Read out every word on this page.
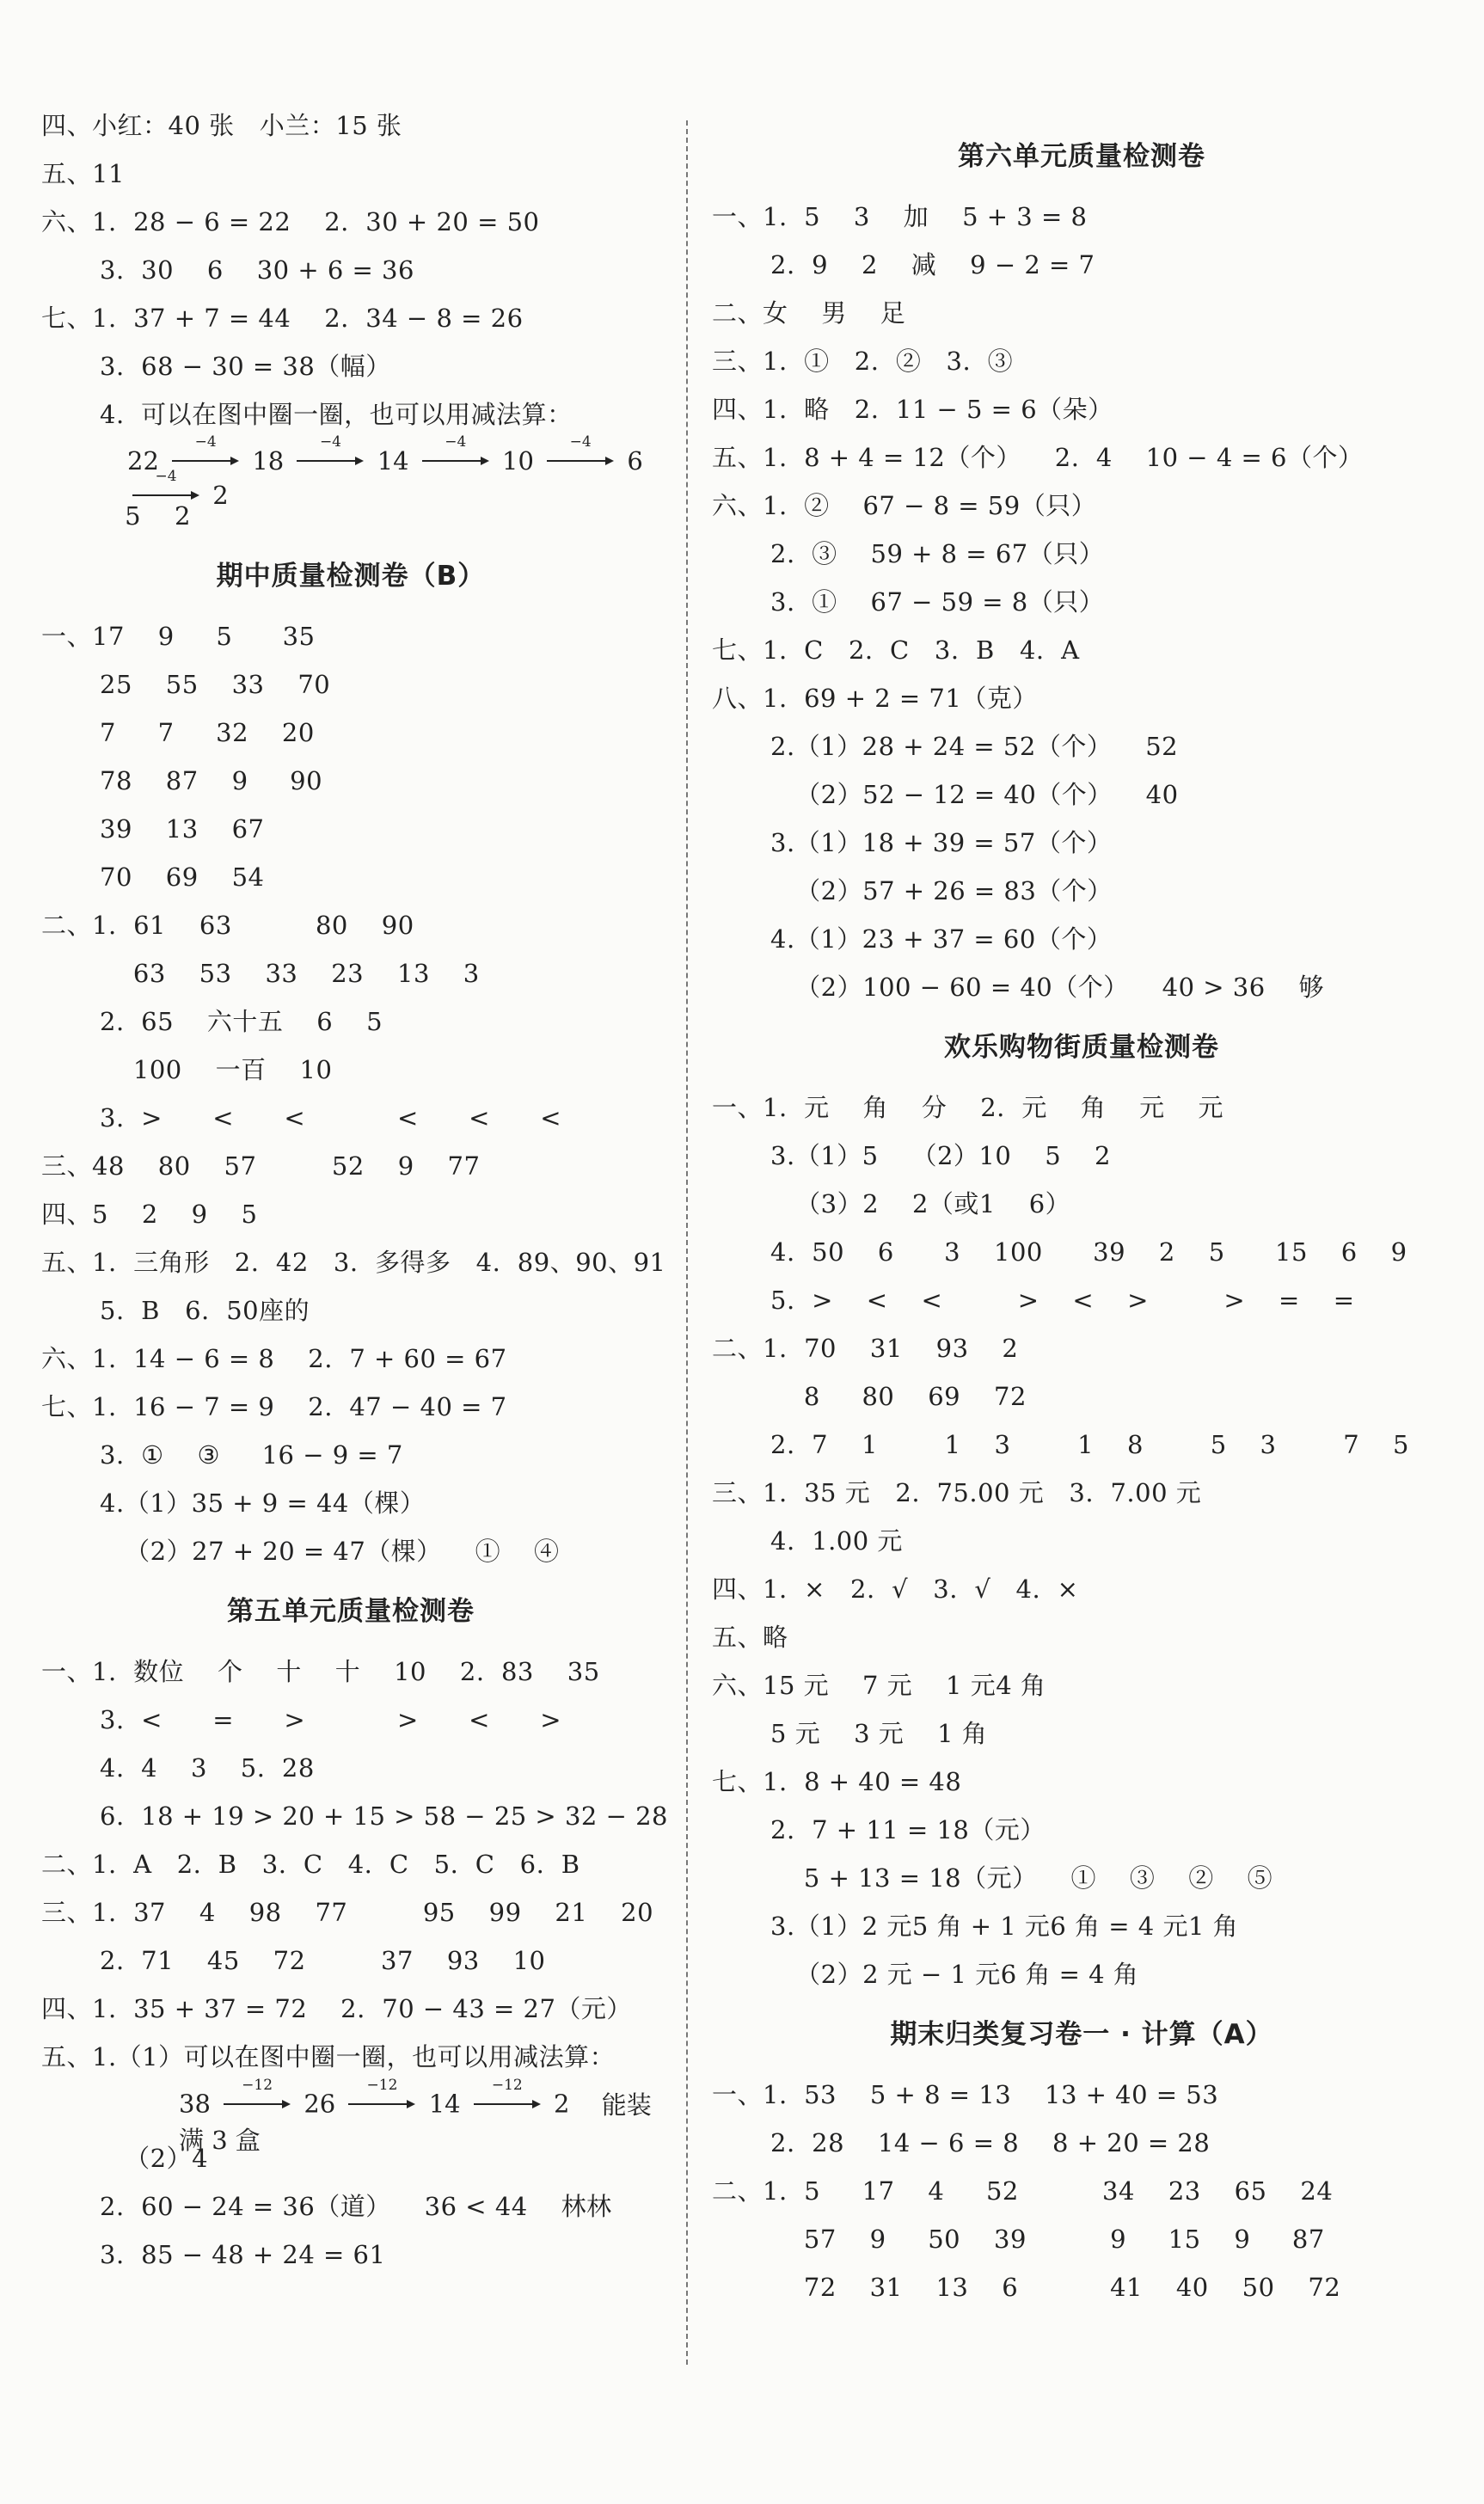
四、小红：40 张   小兰：15 张
五、11
六、1.  28 − 6 = 22    2.  30 + 20 = 50
3.  30    6    30 + 6 = 36
七、1.  37 + 7 = 44    2.  34 − 8 = 26
3.  68 − 30 = 38（幅）
4.  可以在图中圈一圈，也可以用减法算：
22
−4
18
−4
14
−4
10
−4
6
−4
2
5    2
期中质量检测卷（B）
一、17    9     5      35
25    55    33    70
7     7     32    20
78    87    9     90
39    13    67
70    69    54
二、1.  61    63          80    90
63    53    33    23    13    3
2.  65    六十五    6    5
100    一百    10
3.  >      <      <           <      <      <
三、48    80    57         52    9    77
四、5    2    9    5
五、1.  三角形   2.  42   3.  多得多   4.  89、90、91
5.  B   6.  50座的
六、1.  14 − 6 = 8    2.  7 + 60 = 67
七、1.  16 − 7 = 9    2.  47 − 40 = 7
3.  ①    ③     16 − 9 = 7
4.（1）35 + 9 = 44（棵）
（2）27 + 20 = 47（棵）    ①    ④
第五单元质量检测卷
一、1.  数位    个    十    十    10    2.  83    35
3.  <      =      >           >      <      >
4.  4    3    5.  28
6.  18 + 19 > 20 + 15 > 58 − 25 > 32 − 28
二、1.  A   2.  B   3.  C   4.  C   5.  C   6.  B
三、1.  37    4    98    77         95    99    21    20
2.  71    45    72         37    93    10
四、1.  35 + 37 = 72    2.  70 − 43 = 27（元）
五、1.（1）可以在图中圈一圈，也可以用减法算：
38
−12
26
−12
14
−12
2 能装满 3 盒
（2）4
2.  60 − 24 = 36（道）    36 < 44    林林
3.  85 − 48 + 24 = 61
第六单元质量检测卷
一、1.  5    3    加    5 + 3 = 8
2.  9    2    减    9 − 2 = 7
二、女    男    足
三、1.  ①   2.  ②   3.  ③
四、1.  略   2.  11 − 5 = 6（朵）
五、1.  8 + 4 = 12（个）    2.  4    10 − 4 = 6（个）
六、1.  ②    67 − 8 = 59（只）
2.  ③    59 + 8 = 67（只）
3.  ①    67 − 59 = 8（只）
七、1.  C   2.  C   3.  B   4.  A
八、1.  69 + 2 = 71（克）
2.（1）28 + 24 = 52（个）    52
（2）52 − 12 = 40（个）    40
3.（1）18 + 39 = 57（个）
（2）57 + 26 = 83（个）
4.（1）23 + 37 = 60（个）
（2）100 − 60 = 40（个）    40 > 36    够
欢乐购物街质量检测卷
一、1.  元    角    分    2.  元    角    元    元
3.（1）5    （2）10    5    2
（3）2    2（或1    6）
4.  50    6      3    100      39    2    5      15    6    9
5.  >    <    <         >    <    >         >    =    =
二、1.  70    31    93    2
8     80    69    72
2.  7    1        1    3        1    8        5    3        7    5
三、1.  35 元   2.  75.00 元   3.  7.00 元
4.  1.00 元
四、1.  ×   2.  √   3.  √   4.  ×
五、略
六、15 元    7 元    1 元4 角
5 元    3 元    1 角
七、1.  8 + 40 = 48
2.  7 + 11 = 18（元）
5 + 13 = 18（元）    ①    ③    ②    ⑤
3.（1）2 元5 角 + 1 元6 角 = 4 元1 角
（2）2 元 − 1 元6 角 = 4 角
期末归类复习卷一 · 计算（A）
一、1.  53    5 + 8 = 13    13 + 40 = 53
2.  28    14 − 6 = 8    8 + 20 = 28
二、1.  5     17    4     52          34    23    65    24
57    9     50    39          9     15    9     87
72    31    13    6           41    40    50    72
